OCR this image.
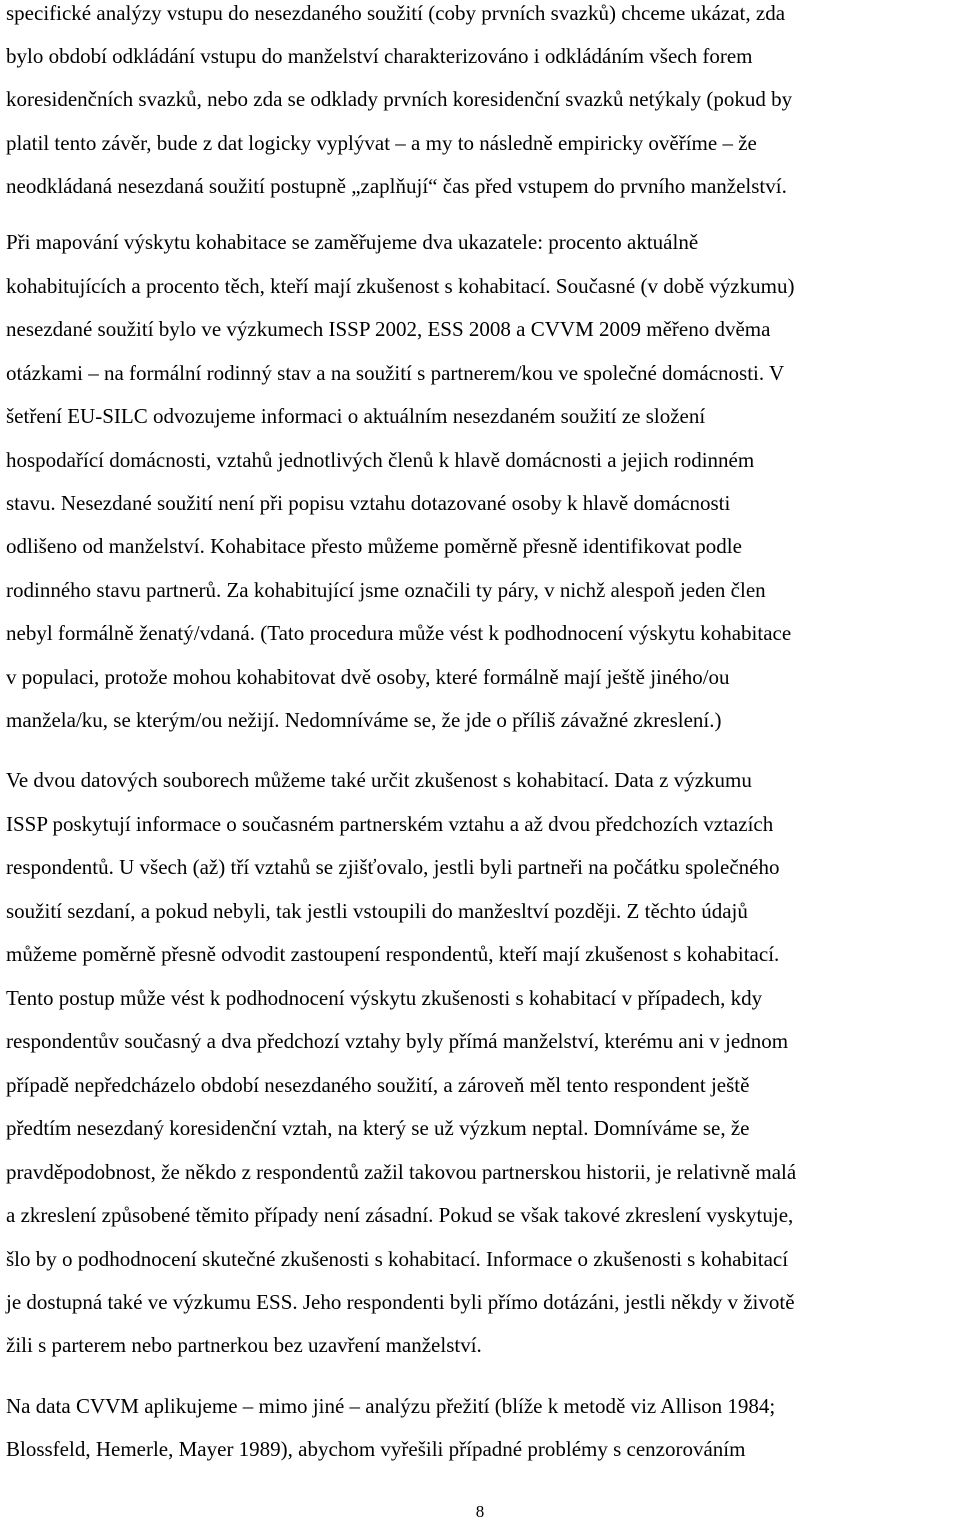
specifické analýzy vstupu do nesezdaného soužití (coby prvních svazků) chceme ukázat, zda
bylo období odkládání vstupu do manželství charakterizováno i odkládáním všech forem
koresidenčních svazků, nebo zda se odklady prvních koresidenční svazků netýkaly (pokud by
platil tento závěr, bude z dat logicky vyplývat – a my to následně empiricky ověříme – že
neodkládaná nesezdaná soužití postupně „zaplňují“ čas před vstupem do prvního manželství.
Při mapování výskytu kohabitace se zaměřujeme dva ukazatele: procento aktuálně
kohabitujících a procento těch, kteří mají zkušenost s kohabitací. Současné (v době výzkumu)
nesezdané soužití bylo ve výzkumech ISSP 2002, ESS 2008 a CVVM 2009 měřeno dvěma
otázkami – na formální rodinný stav a na soužití s partnerem/kou ve společné domácnosti. V
šetření EU-SILC odvozujeme informaci o aktuálním nesezdaném soužití ze složení
hospodařící domácnosti, vztahů jednotlivých členů k hlavě domácnosti a jejich rodinném
stavu. Nesezdané soužití není při popisu vztahu dotazované osoby k hlavě domácnosti
odlišeno od manželství. Kohabitace přesto můžeme poměrně přesně identifikovat podle
rodinného stavu partnerů. Za kohabitující jsme označili ty páry, v nichž alespoň jeden člen
nebyl formálně ženatý/vdaná. (Tato procedura může vést k podhodnocení výskytu kohabitace
v populaci, protože mohou kohabitovat dvě osoby, které formálně mají ještě jiného/ou
manžela/ku, se kterým/ou nežijí. Nedomníváme se, že jde o příliš závažné zkreslení.)
Ve dvou datových souborech můžeme také určit zkušenost s kohabitací. Data z výzkumu
ISSP poskytují informace o současném partnerském vztahu a až dvou předchozích vztazích
respondentů. U všech (až) tří vztahů se zjišťovalo, jestli byli partneři na počátku společného
soužití sezdaní, a pokud nebyli, tak jestli vstoupili do manžesltví později. Z těchto údajů
můžeme poměrně přesně odvodit zastoupení respondentů, kteří mají zkušenost s kohabitací.
Tento postup může vést k podhodnocení výskytu zkušenosti s kohabitací v případech, kdy
respondentův současný a dva předchozí vztahy byly přímá manželství, kterému ani v jednom
případě nepředcházelo období nesezdaného soužití, a zároveň měl tento respondent ještě
předtím nesezdaný koresidenční vztah, na který se už výzkum neptal. Domníváme se, že
pravděpodobnost, že někdo z respondentů zažil takovou partnerskou historii, je relativně malá
a zkreslení způsobené těmito případy není zásadní. Pokud se však takové zkreslení vyskytuje,
šlo by o podhodnocení skutečné zkušenosti s kohabitací. Informace o zkušenosti s kohabitací
je dostupná také ve výzkumu ESS. Jeho respondenti byli přímo dotázáni, jestli někdy v životě
žili s parterem nebo partnerkou bez uzavření manželství.
Na data CVVM aplikujeme – mimo jiné – analýzu přežití (blíže k metodě viz Allison 1984;
Blossfeld, Hemerle, Mayer 1989), abychom vyřešili případné problémy s cenzorováním
8
